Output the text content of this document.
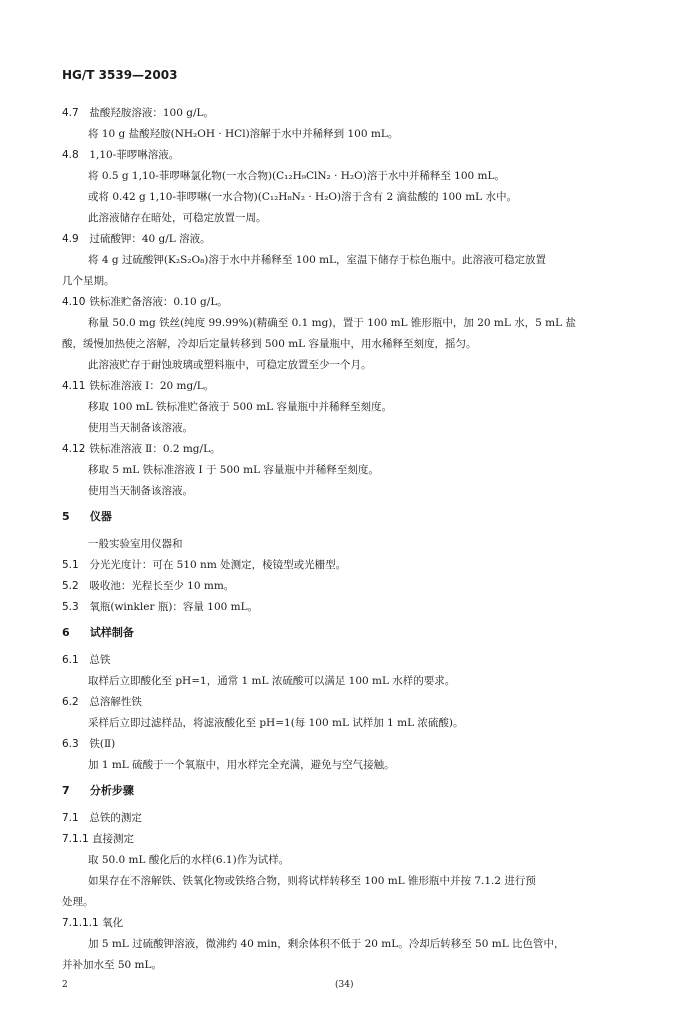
HG/T 3539—2003
4.7 盐酸羟胺溶液：100 g/L。
将 10 g 盐酸羟胺(NH₂OH · HCl)溶解于水中并稀释到 100 mL。
4.8 1,10-菲啰啉溶液。
将 0.5 g 1,10-菲啰啉氯化物(一水合物)(C₁₂H₉ClN₂ · H₂O)溶于水中并稀释至 100 mL。
或将 0.42 g 1,10-菲啰啉(一水合物)(C₁₂H₈N₂ · H₂O)溶于含有 2 滴盐酸的 100 mL 水中。
此溶液储存在暗处，可稳定放置一周。
4.9 过硫酸钾：40 g/L 溶液。
将 4 g 过硫酸钾(K₂S₂O₈)溶于水中并稀释至 100 mL，室温下储存于棕色瓶中。此溶液可稳定放置
几个星期。
4.10 铁标准贮备溶液：0.10 g/L。
称量 50.0 mg 铁丝(纯度 99.99%)(精确至 0.1 mg)，置于 100 mL 锥形瓶中，加 20 mL 水，5 mL 盐
酸，缓慢加热使之溶解，冷却后定量转移到 500 mL 容量瓶中，用水稀释至刻度，摇匀。
此溶液贮存于耐蚀玻璃或塑料瓶中，可稳定放置至少一个月。
4.11 铁标准溶液 Ⅰ：20 mg/L。
移取 100 mL 铁标准贮备液于 500 mL 容量瓶中并稀释至刻度。
使用当天制备该溶液。
4.12 铁标准溶液 Ⅱ：0.2 mg/L。
移取 5 mL 铁标准溶液 Ⅰ 于 500 mL 容量瓶中并稀释至刻度。
使用当天制备该溶液。
5 仪器
一般实验室用仪器和
5.1 分光光度计：可在 510 nm 处测定，棱镜型或光栅型。
5.2 吸收池：光程长至少 10 mm。
5.3 氧瓶(winkler 瓶)：容量 100 mL。
6 试样制备
6.1 总铁
取样后立即酸化至 pH=1，通常 1 mL 浓硫酸可以满足 100 mL 水样的要求。
6.2 总溶解性铁
采样后立即过滤样品，将滤液酸化至 pH=1(每 100 mL 试样加 1 mL 浓硫酸)。
6.3 铁(Ⅱ)
加 1 mL 硫酸于一个氧瓶中，用水样完全充满，避免与空气接触。
7 分析步骤
7.1 总铁的测定
7.1.1 直接测定
取 50.0 mL 酸化后的水样(6.1)作为试样。
如果存在不溶解铁、铁氧化物或铁络合物，则将试样转移至 100 mL 锥形瓶中并按 7.1.2 进行预
处理。
7.1.1.1 氧化
加 5 mL 过硫酸钾溶液，微沸约 40 min，剩余体积不低于 20 mL。冷却后转移至 50 mL 比色管中，
并补加水至 50 mL。
2	(34)
